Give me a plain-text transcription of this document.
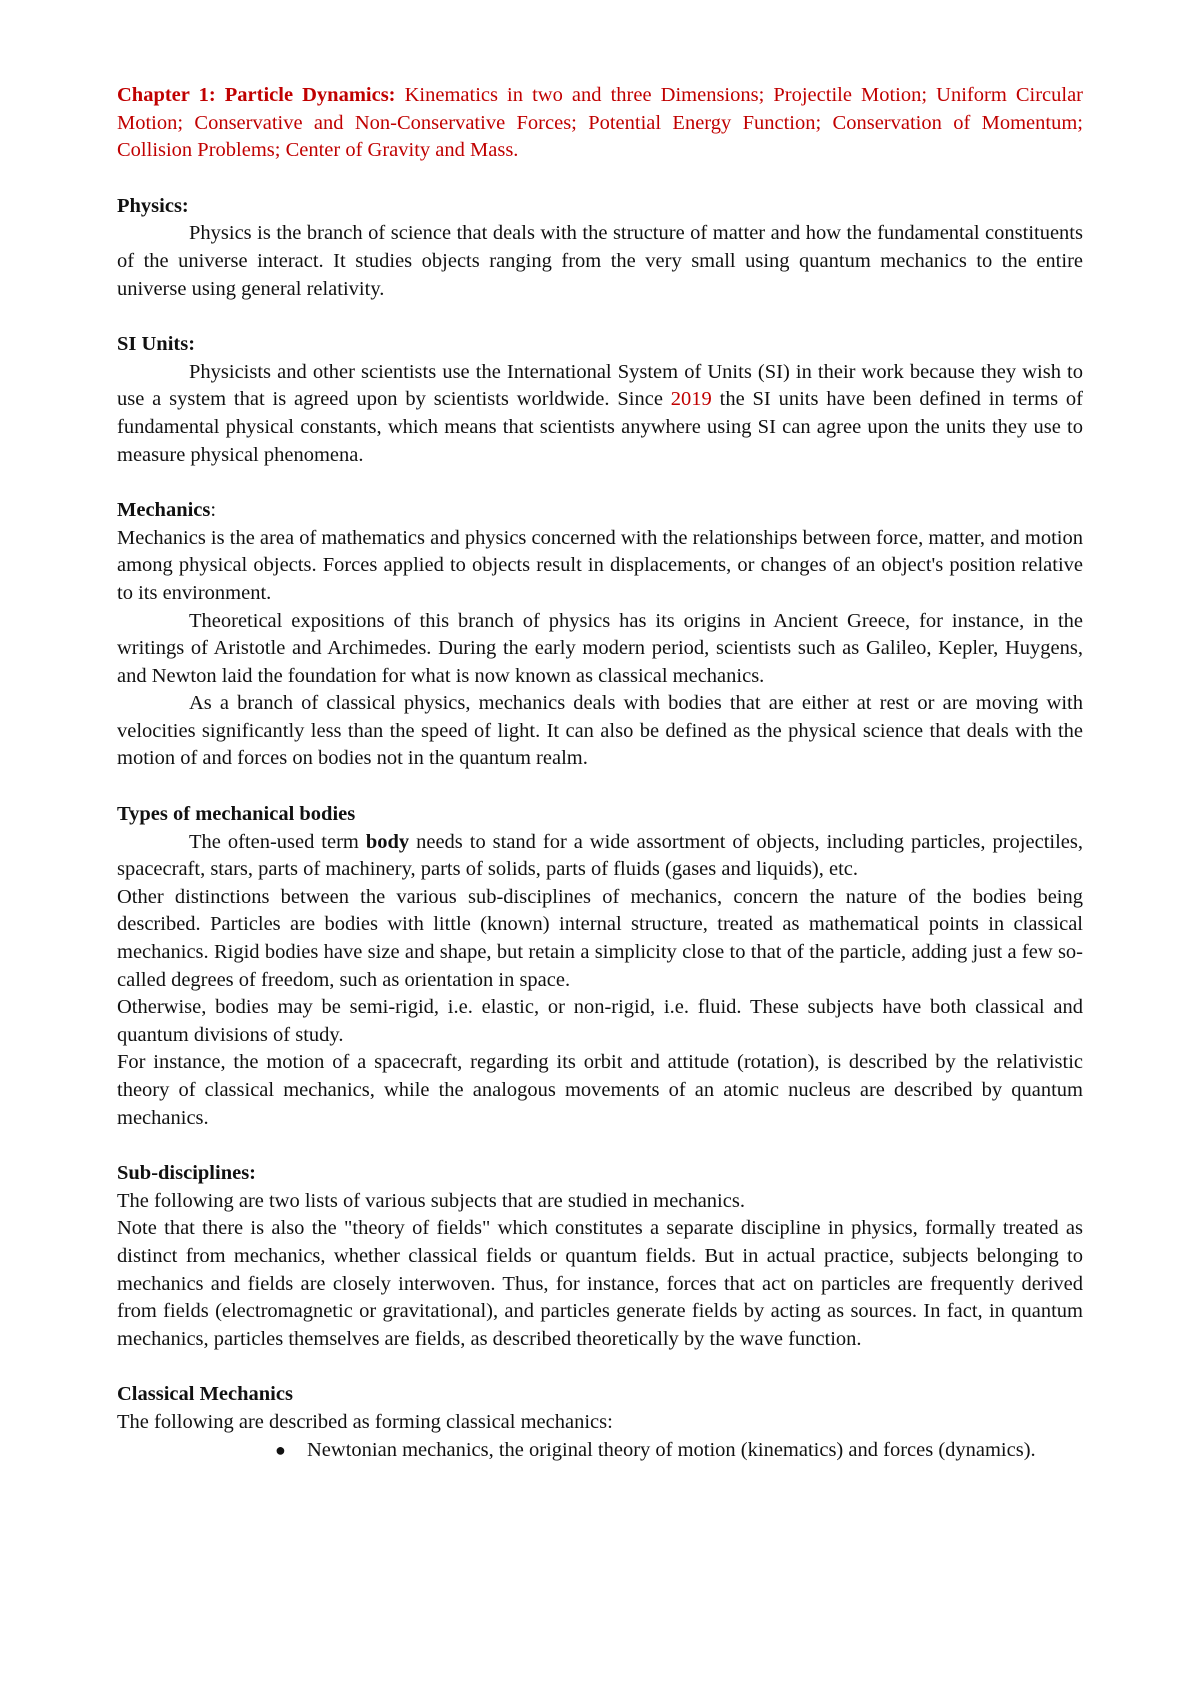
Chapter 1: Particle Dynamics: Kinematics in two and three Dimensions; Projectile Motion; Uniform Circular Motion; Conservative and Non-Conservative Forces; Potential Energy Function; Conservation of Momentum; Collision Problems; Center of Gravity and Mass.

Physics:

Physics is the branch of science that deals with the structure of matter and how the fundamental constituents of the universe interact. It studies objects ranging from the very small using quantum mechanics to the entire universe using general relativity.

SI Units:

Physicists and other scientists use the International System of Units (SI) in their work because they wish to use a system that is agreed upon by scientists worldwide. Since 2019 the SI units have been defined in terms of fundamental physical constants, which means that scientists anywhere using SI can agree upon the units they use to measure physical phenomena.

Mechanics:

Mechanics is the area of mathematics and physics concerned with the relationships between force, matter, and motion among physical objects. Forces applied to objects result in displacements, or changes of an object's position relative to its environment.

Theoretical expositions of this branch of physics has its origins in Ancient Greece, for instance, in the writings of Aristotle and Archimedes. During the early modern period, scientists such as Galileo, Kepler, Huygens, and Newton laid the foundation for what is now known as classical mechanics.

As a branch of classical physics, mechanics deals with bodies that are either at rest or are moving with velocities significantly less than the speed of light. It can also be defined as the physical science that deals with the motion of and forces on bodies not in the quantum realm.

Types of mechanical bodies

The often-used term body needs to stand for a wide assortment of objects, including particles, projectiles, spacecraft, stars, parts of machinery, parts of solids, parts of fluids (gases and liquids), etc.

Other distinctions between the various sub-disciplines of mechanics, concern the nature of the bodies being described. Particles are bodies with little (known) internal structure, treated as mathematical points in classical mechanics. Rigid bodies have size and shape, but retain a simplicity close to that of the particle, adding just a few so-called degrees of freedom, such as orientation in space.

Otherwise, bodies may be semi-rigid, i.e. elastic, or non-rigid, i.e. fluid. These subjects have both classical and quantum divisions of study.

For instance, the motion of a spacecraft, regarding its orbit and attitude (rotation), is described by the relativistic theory of classical mechanics, while the analogous movements of an atomic nucleus are described by quantum mechanics.

Sub-disciplines:

The following are two lists of various subjects that are studied in mechanics.

Note that there is also the "theory of fields" which constitutes a separate discipline in physics, formally treated as distinct from mechanics, whether classical fields or quantum fields. But in actual practice, subjects belonging to mechanics and fields are closely interwoven. Thus, for instance, forces that act on particles are frequently derived from fields (electromagnetic or gravitational), and particles generate fields by acting as sources. In fact, in quantum mechanics, particles themselves are fields, as described theoretically by the wave function.

Classical Mechanics

The following are described as forming classical mechanics:

● Newtonian mechanics, the original theory of motion (kinematics) and forces (dynamics).
